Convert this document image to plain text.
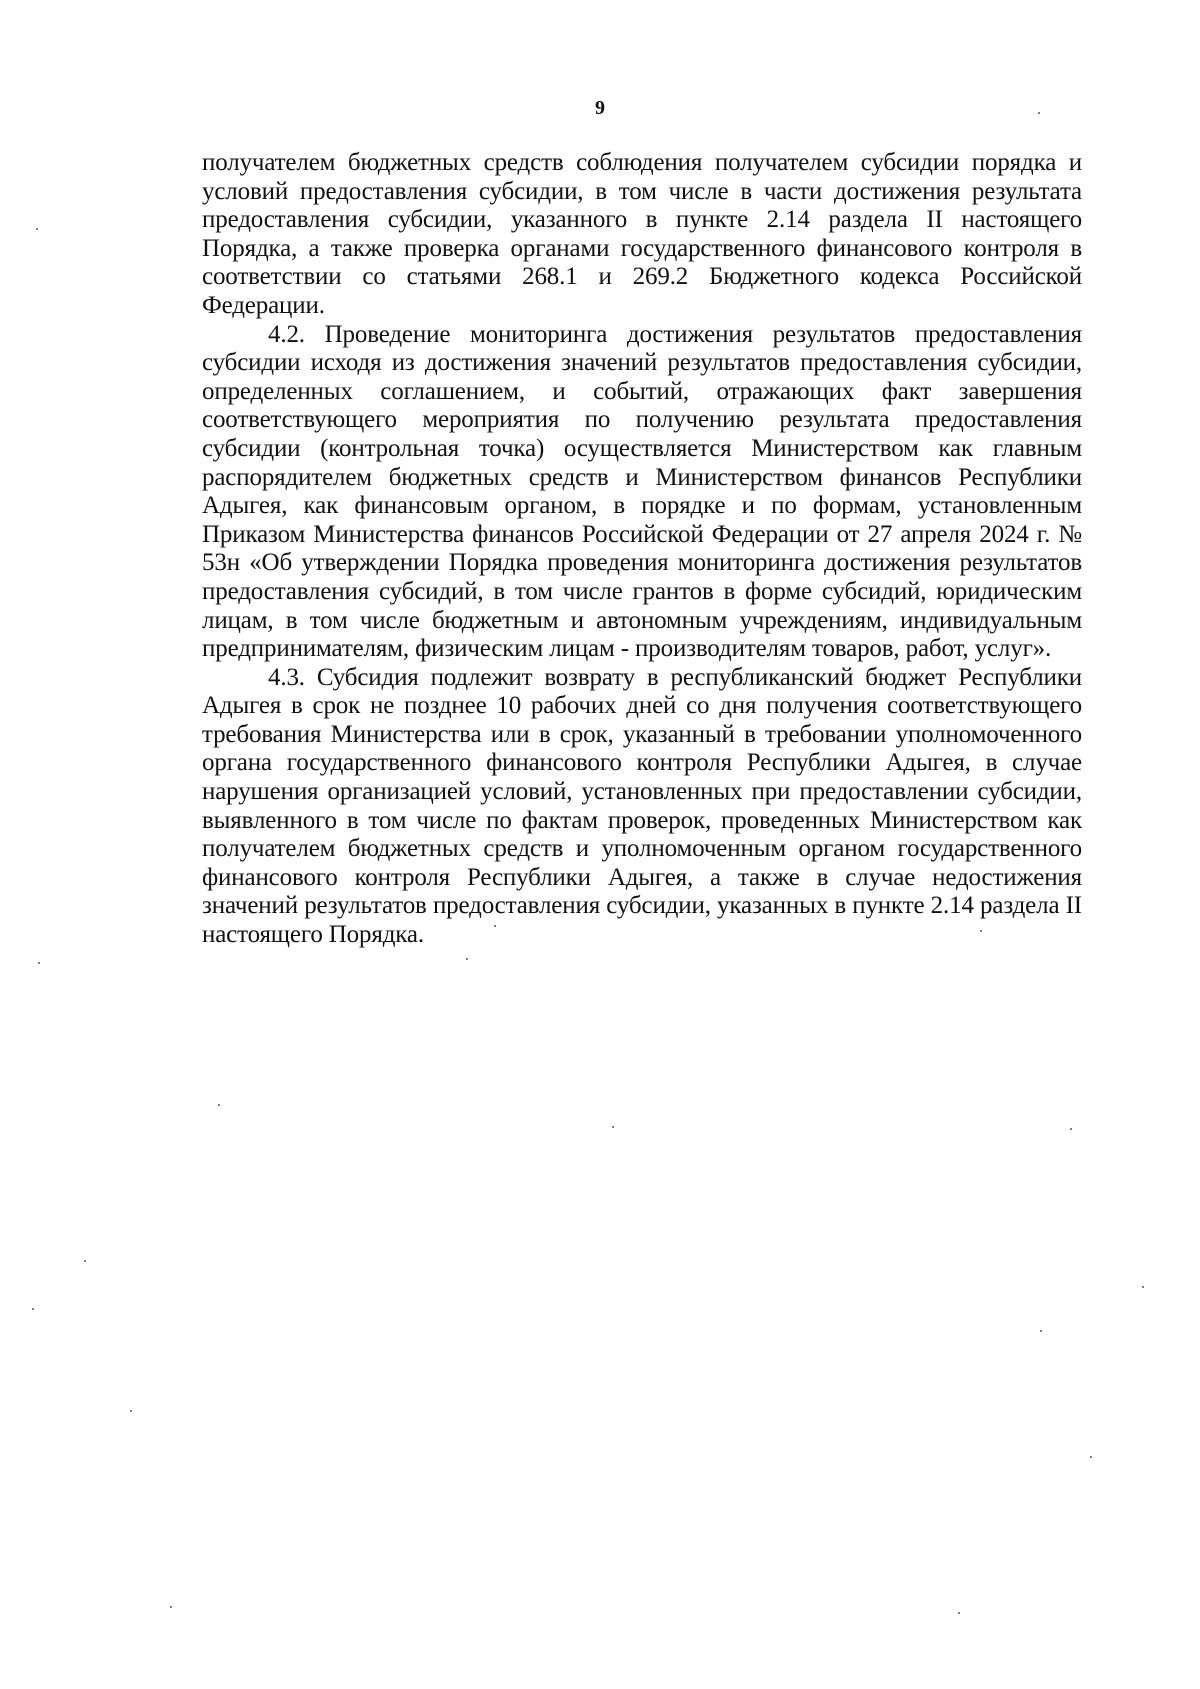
9

получателем бюджетных средств соблюдения получателем субсидии порядка и условий предоставления субсидии, в том числе в части достижения результата предоставления субсидии, указанного в пункте 2.14 раздела II настоящего Порядка, а также проверка органами государственного финансового контроля в соответствии со статьями 268.1 и 269.2 Бюджетного кодекса Российской Федерации.

4.2. Проведение мониторинга достижения результатов предоставления субсидии исходя из достижения значений результатов предоставления субсидии, определенных соглашением, и событий, отражающих факт завершения соответствующего мероприятия по получению результата предоставления субсидии (контрольная точка) осуществляется Министерством как главным распорядителем бюджетных средств и Министерством финансов Республики Адыгея, как финансовым органом, в порядке и по формам, установленным Приказом Министерства финансов Российской Федерации от 27 апреля 2024 г. № 53н «Об утверждении Порядка проведения мониторинга достижения результатов предоставления субсидий, в том числе грантов в форме субсидий, юридическим лицам, в том числе бюджетным и автономным учреждениям, индивидуальным предпринимателям, физическим лицам - производителям товаров, работ, услуг».

4.3. Субсидия подлежит возврату в республиканский бюджет Республики Адыгея в срок не позднее 10 рабочих дней со дня получения соответствующего требования Министерства или в срок, указанный в требовании уполномоченного органа государственного финансового контроля Республики Адыгея, в случае нарушения организацией условий, установленных при предоставлении субсидии, выявленного в том числе по фактам проверок, проведенных Министерством как получателем бюджетных средств и уполномоченным органом государственного финансового контроля Республики Адыгея, а также в случае недостижения значений результатов предоставления субсидии, указанных в пункте 2.14 раздела II настоящего Порядка.
